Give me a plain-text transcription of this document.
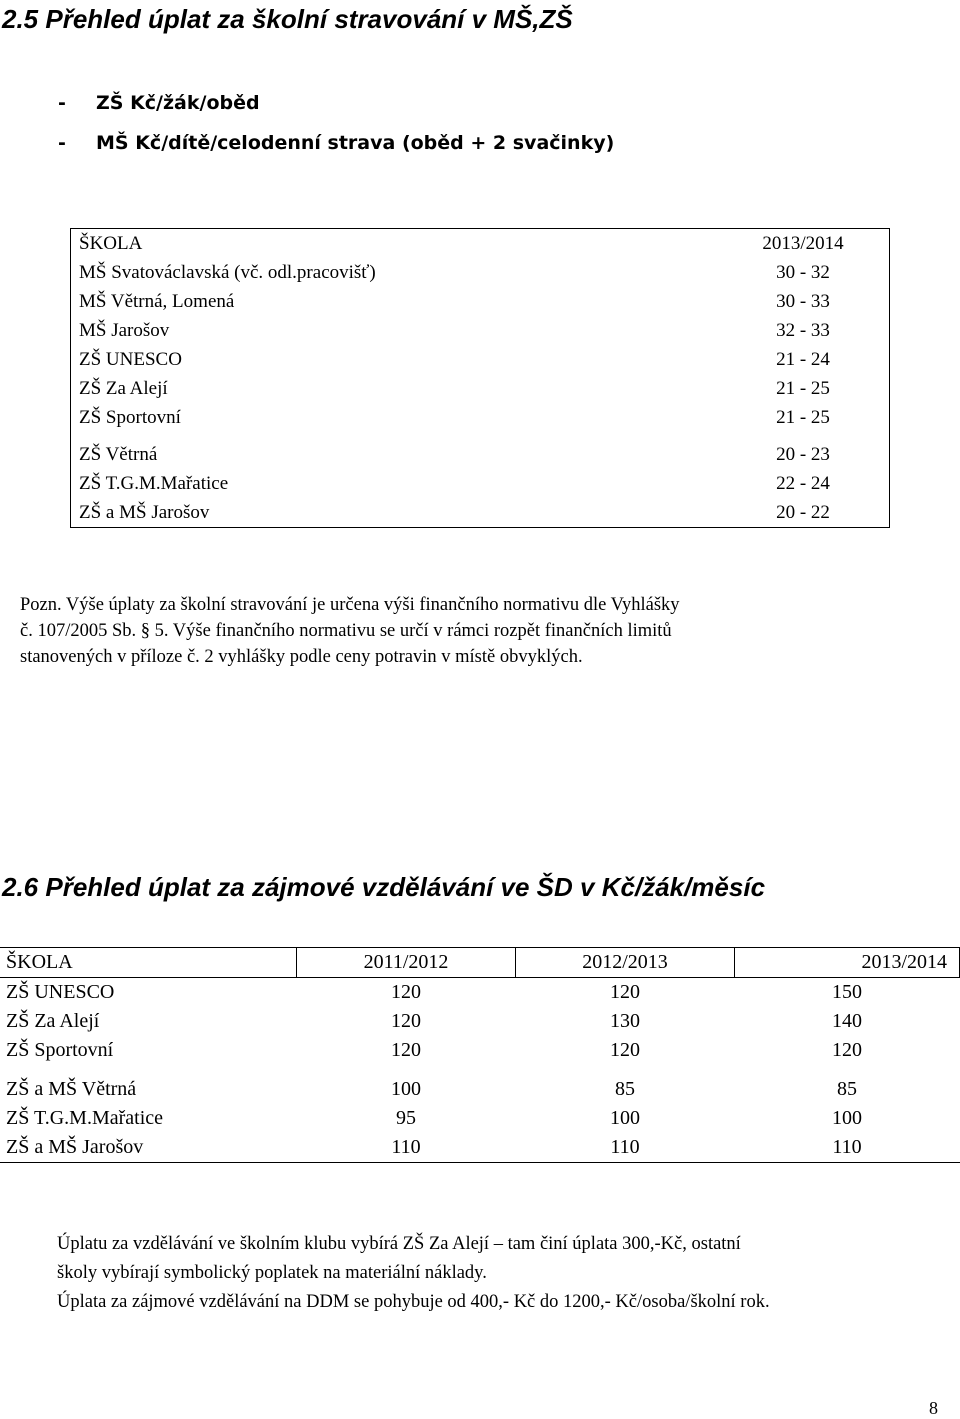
2.5 Přehled úplat za školní stravování v MŠ,ZŠ
- ZŠ Kč/žák/oběd
- MŠ Kč/dítě/celodenní strava (oběd + 2 svačinky)
ŠKOLA	2013/2014
MŠ Svatováclavská (vč. odl.pracovišť)	30 - 32
MŠ Větrná, Lomená	30 - 33
MŠ Jarošov	32 - 33
ZŠ UNESCO	21 - 24
ZŠ Za Alejí	21 - 25
ZŠ Sportovní	21 - 25
ZŠ Větrná	20 - 23
ZŠ T.G.M.Mařatice	22 - 24
ZŠ a MŠ Jarošov	20 - 22

Pozn. Výše úplaty za školní stravování je určena výši finančního normativu dle Vyhlášky

č. 107/2005 Sb. § 5. Výše finančního normativu se určí v rámci rozpět finančních limitů

stanovených v příloze č. 2 vyhlášky podle ceny potravin v místě obvyklých.

2.6 Přehled úplat za zájmové vzdělávání ve ŠD v Kč/žák/měsíc
ŠKOLA	2011/2012	2012/2013	2013/2014
ZŠ UNESCO	120	120	150
ZŠ Za Alejí	120	130	140
ZŠ Sportovní	120	120	120
ZŠ a MŠ Větrná	100	85	85
ZŠ T.G.M.Mařatice	95	100	100
ZŠ a MŠ Jarošov	110	110	110

Úplatu za vzdělávání ve školním klubu vybírá ZŠ Za Alejí – tam činí úplata 300,-Kč, ostatní

školy vybírají symbolický poplatek na materiální náklady.

Úplata za zájmové vzdělávání na DDM se pohybuje od 400,- Kč do 1200,- Kč/osoba/školní rok.

8
